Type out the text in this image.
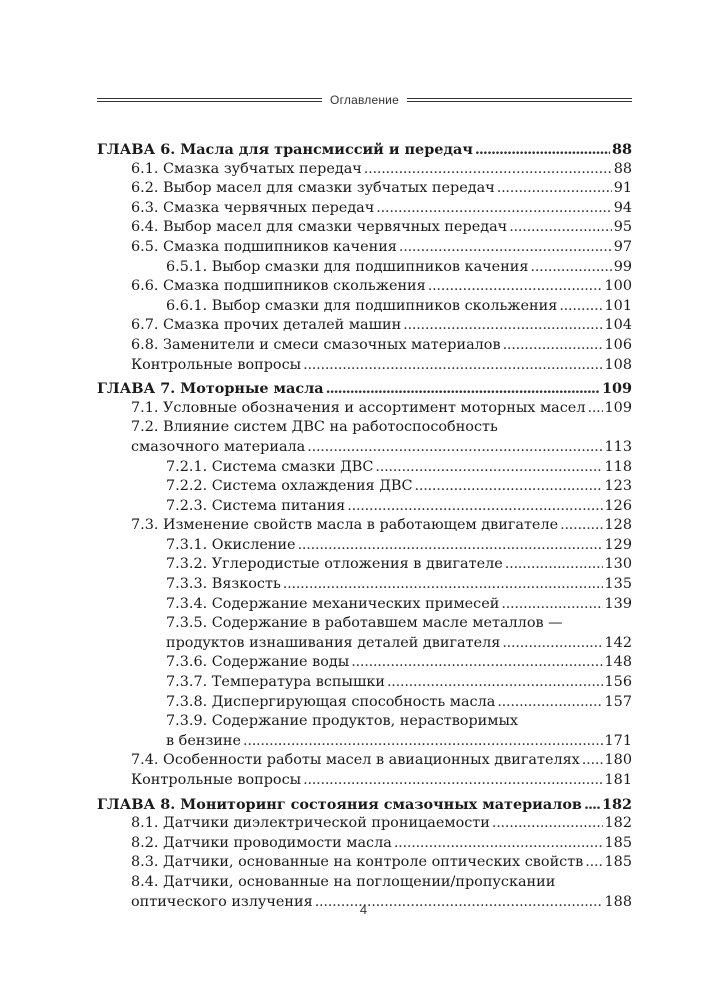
Оглавление
ГЛАВА 6. Масла для трансмиссий и передач . . .	88
6.1. Смазка зубчатых передач . . .	88
6.2. Выбор масел для смазки зубчатых передач . . .	91
6.3. Смазка червячных передач . . .	94
6.4. Выбор масел для смазки червячных передач . . .	95
6.5. Смазка подшипников качения . . .	97
6.5.1. Выбор смазки для подшипников качения . . .	99
6.6. Смазка подшипников скольжения . . .	100
6.6.1. Выбор смазки для подшипников скольжения . . .	101
6.7. Смазка прочих деталей машин . . .	104
6.8. Заменители и смеси смазочных материалов . . .	106
Контрольные вопросы . . .	108
ГЛАВА 7. Моторные масла . . .	109
7.1. Условные обозначения и ассортимент моторных масел . . . 109
7.2. Влияние систем ДВС на работоспособность
смазочного материала . . .	113
7.2.1. Система смазки ДВС . . .	118
7.2.2. Система охлаждения ДВС . . .	123
7.2.3. Система питания . . .	126
7.3. Изменение свойств масла в работающем двигателе . . .	128
7.3.1. Окисление . . .	129
7.3.2. Углеродистые отложения в двигателе . . .	130
7.3.3. Вязкость . . .	135
7.3.4. Содержание механических примесей . . .	139
7.3.5. Содержание в работавшем масле металлов —
продуктов изнашивания деталей двигателя . . .	142
7.3.6. Содержание воды . . .	148
7.3.7. Температура вспышки . . .	156
7.3.8. Диспергирующая способность масла . . .	157
7.3.9. Содержание продуктов, нерастворимых
в бензине . . .	171
7.4. Особенности работы масел в авиационных двигателях . . . 180
Контрольные вопросы . . .	181
ГЛАВА 8. Мониторинг состояния смазочных материалов . . . 182
8.1. Датчики диэлектрической проницаемости . . .	182
8.2. Датчики проводимости масла . . .	185
8.3. Датчики, основанные на контроле оптических свойств . . . 185
8.4. Датчики, основанные на поглощении/пропускании
оптического излучения . . .	188
4
